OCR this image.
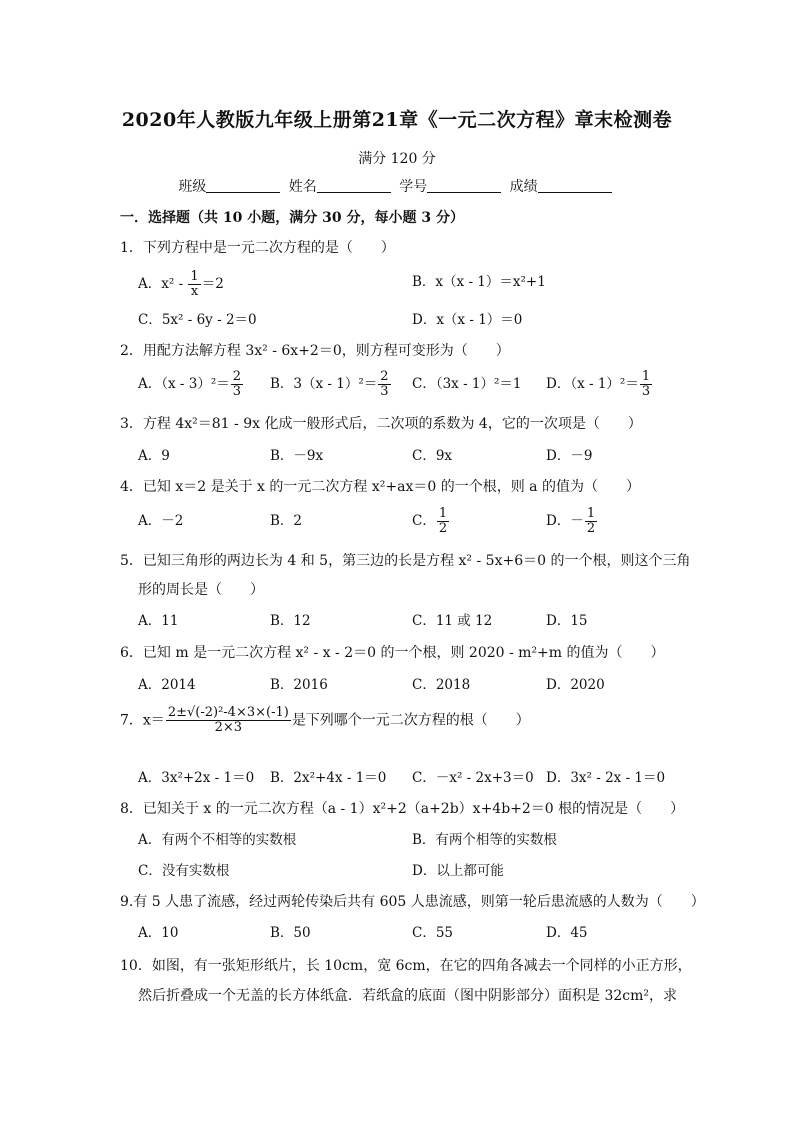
2020年人教版九年级上册第21章《一元二次方程》章末检测卷
满分 120 分
班级	姓名	学号	成绩
一．选择题（共 10 小题，满分 30 分，每小题 3 分）
1．下列方程中是一元二次方程的是（　　）
A．$x^2 - \frac{1}{x} =2$	B．x（x - 1）＝x²+1
C．5x² - 6y - 2＝0	D．x（x - 1）＝0
2．用配方法解方程 3x² - 6x+2＝0，则方程可变形为（　　）
A．$(x - 3)^2= \frac{2}{3}$ B．$3(x - 1)^2= \frac{2}{3}$ C．（3x - 1）²＝1 D．$(x - 1)^2= \frac{1}{3}$
3．方程 4x²＝81 - 9x 化成一般形式后，二次项的系数为 4，它的一次项是（　　）
A．9	B．－9x	C．9x	D．－9
4．已知 x＝2 是关于 x 的一元二次方程 x²+ax＝0 的一个根，则 a 的值为（　　）
A．－2	B．2	C． $\frac{1}{2}$	D．－ $\frac{1}{2}$
5．已知三角形的两边长为 4 和 5，第三边的长是方程 x² - 5x+6＝0 的一个根，则这个三角
形的周长是（　　）
A．11	B．12	C．11 或 12	D．15
6．已知 m 是一元二次方程 x² - x - 2＝0 的一个根，则 2020 - m²+m 的值为（　　）
A．2014	B．2016	C．2018	D．2020
7．$x= \frac{\text{2±√(-2)²-4×3×(-1)}}{2\times 3}$ 是下列哪个一元二次方程的根（　　）
A．3x²+2x - 1＝0 B．2x²+4x - 1＝0 C．－x² - 2x+3＝0 D．3x² - 2x - 1＝0
8．已知关于 x 的一元二次方程（a - 1）x²+2（a+2b）x+4b+2＝0 根的情况是（　　）
A．有两个不相等的实数根	B．有两个相等的实数根
C．没有实数根	D．以上都可能
9.有 5 人患了流感，经过两轮传染后共有 605 人患流感，则第一轮后患流感的人数为（　　）
A．10	B．50	C．55	D．45
10．如图，有一张矩形纸片，长 10cm，宽 6cm，在它的四角各减去一个同样的小正方形，
然后折叠成一个无盖的长方体纸盒．若纸盒的底面（图中阴影部分）面积是 32cm²，求
